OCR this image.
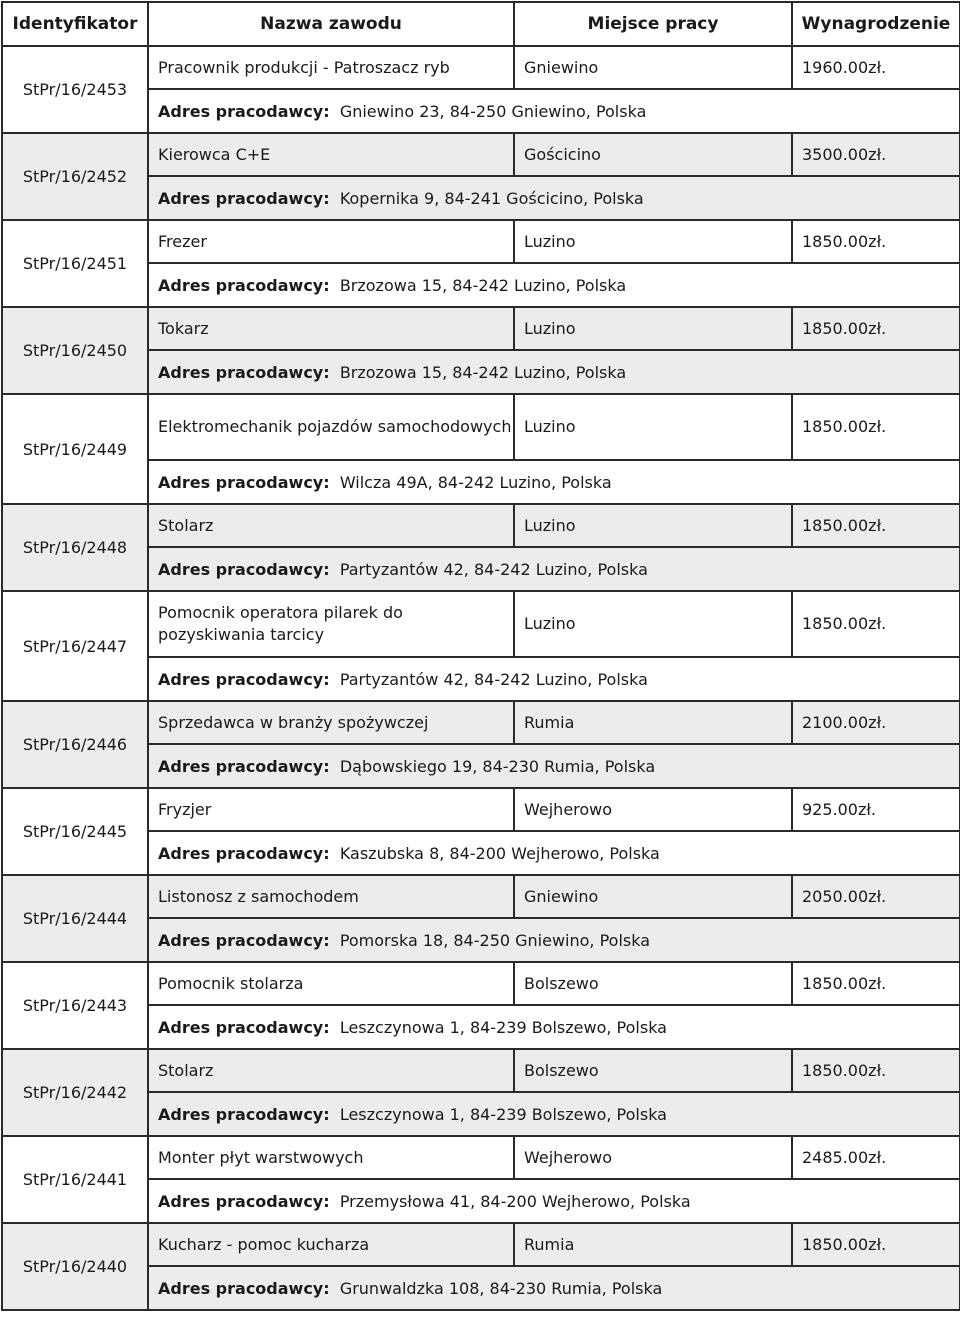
Identyfikator	Nazwa zawodu	Miejsce pracy	Wynagrodzenie
StPr/16/2453	Pracownik produkcji - Patroszacz ryb	Gniewino	1960.00zł.
	Adres pracodawcy: Gniewino 23, 84-250 Gniewino, Polska		
StPr/16/2452	Kierowca C+E	Gościcino	3500.00zł.
	Adres pracodawcy: Kopernika 9, 84-241 Gościcino, Polska		
StPr/16/2451	Frezer	Luzino	1850.00zł.
	Adres pracodawcy: Brzozowa 15, 84-242 Luzino, Polska		
StPr/16/2450	Tokarz	Luzino	1850.00zł.
	Adres pracodawcy: Brzozowa 15, 84-242 Luzino, Polska		
StPr/16/2449	Elektromechanik pojazdów samochodowych	Luzino	1850.00zł.
	Adres pracodawcy: Wilcza 49A, 84-242 Luzino, Polska		
StPr/16/2448	Stolarz	Luzino	1850.00zł.
	Adres pracodawcy: Partyzantów 42, 84-242 Luzino, Polska		
StPr/16/2447	Pomocnik operatora pilarek do pozyskiwania tarcicy	Luzino	1850.00zł.
	Adres pracodawcy: Partyzantów 42, 84-242 Luzino, Polska		
StPr/16/2446	Sprzedawca w branży spożywczej	Rumia	2100.00zł.
	Adres pracodawcy: Dąbowskiego 19, 84-230 Rumia, Polska		
StPr/16/2445	Fryzjer	Wejherowo	925.00zł.
	Adres pracodawcy: Kaszubska 8, 84-200 Wejherowo, Polska		
StPr/16/2444	Listonosz z samochodem	Gniewino	2050.00zł.
	Adres pracodawcy: Pomorska 18, 84-250 Gniewino, Polska		
StPr/16/2443	Pomocnik stolarza	Bolszewo	1850.00zł.
	Adres pracodawcy: Leszczynowa 1, 84-239 Bolszewo, Polska		
StPr/16/2442	Stolarz	Bolszewo	1850.00zł.
	Adres pracodawcy: Leszczynowa 1, 84-239 Bolszewo, Polska		
StPr/16/2441	Monter płyt warstwowych	Wejherowo	2485.00zł.
	Adres pracodawcy: Przemysłowa 41, 84-200 Wejherowo, Polska		
StPr/16/2440	Kucharz - pomoc kucharza	Rumia	1850.00zł.
	Adres pracodawcy: Grunwaldzka 108, 84-230 Rumia, Polska		
